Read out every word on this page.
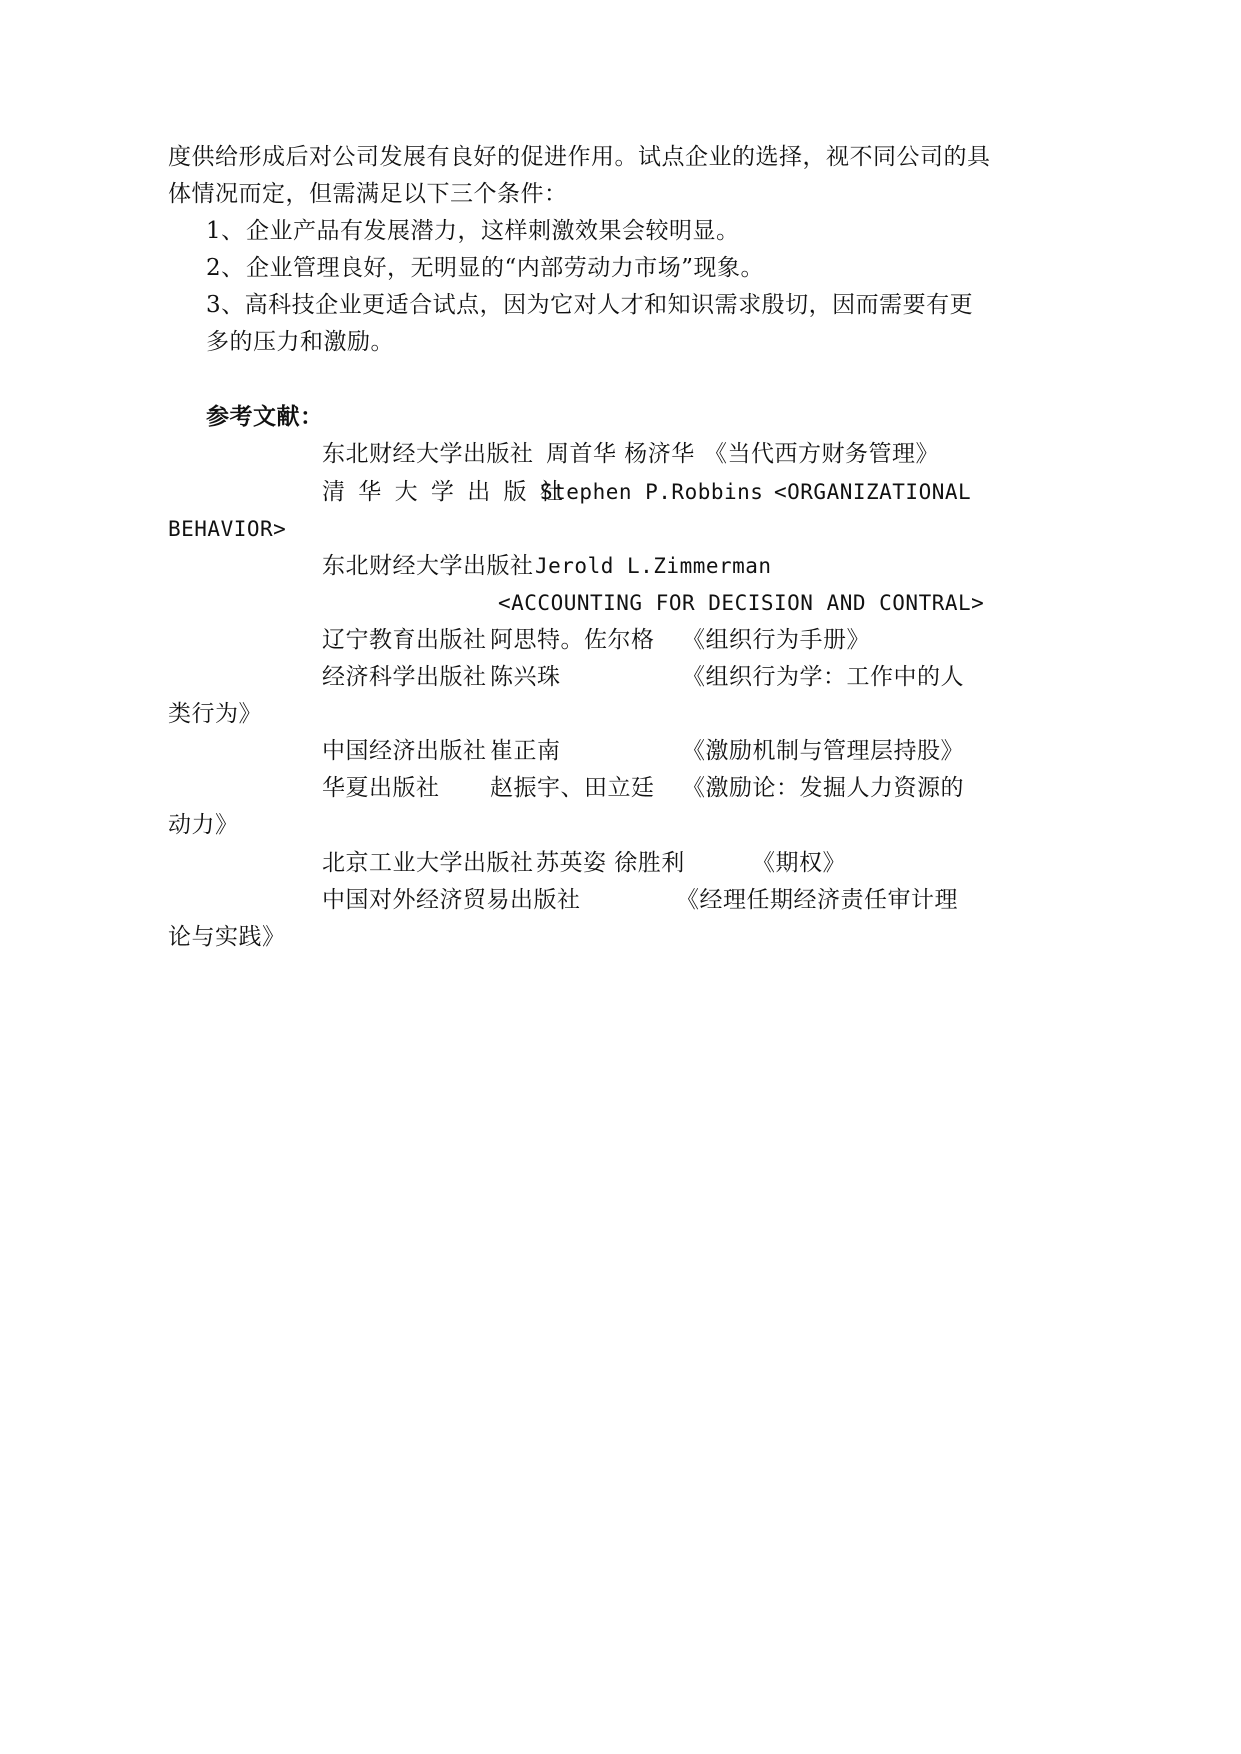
度供给形成后对公司发展有良好的促进作用。试点企业的选择，视不同公司的具
体情况而定，但需满足以下三个条件：
1、 企业产品有发展潜力，这样刺激效果会较明显。
2、 企业管理良好，无明显的“内部劳动力市场”现象。
3、高科技企业更适合试点，因为它对人才和知识需求殷切，因而需要有更
多的压力和激励。
参考文献：
东北财经大学出版社 周首华 杨济华 《当代西方财务管理》
清 华 大 学 出 版 社
Stephen P.Robbins <ORGANIZATIONAL
BEHAVIOR>
东北财经大学出版社 Jerold L.Zimmerman
<ACCOUNTING FOR DECISION AND CONTRAL>
辽宁教育出版社 阿思特。佐尔格 《组织行为手册》
经济科学出版社 陈兴珠	《组织行为学：工作中的人
类行为》
中国经济出版社 崔正南	《激励机制与管理层持股》
华夏出版社 赵振宇、田立廷 《激励论：发掘人力资源的
动力》
北京工业大学出版社 苏英姿 徐胜利	《期权》
中国对外经济贸易出版社	《经理任期经济责任审计理
论与实践》
